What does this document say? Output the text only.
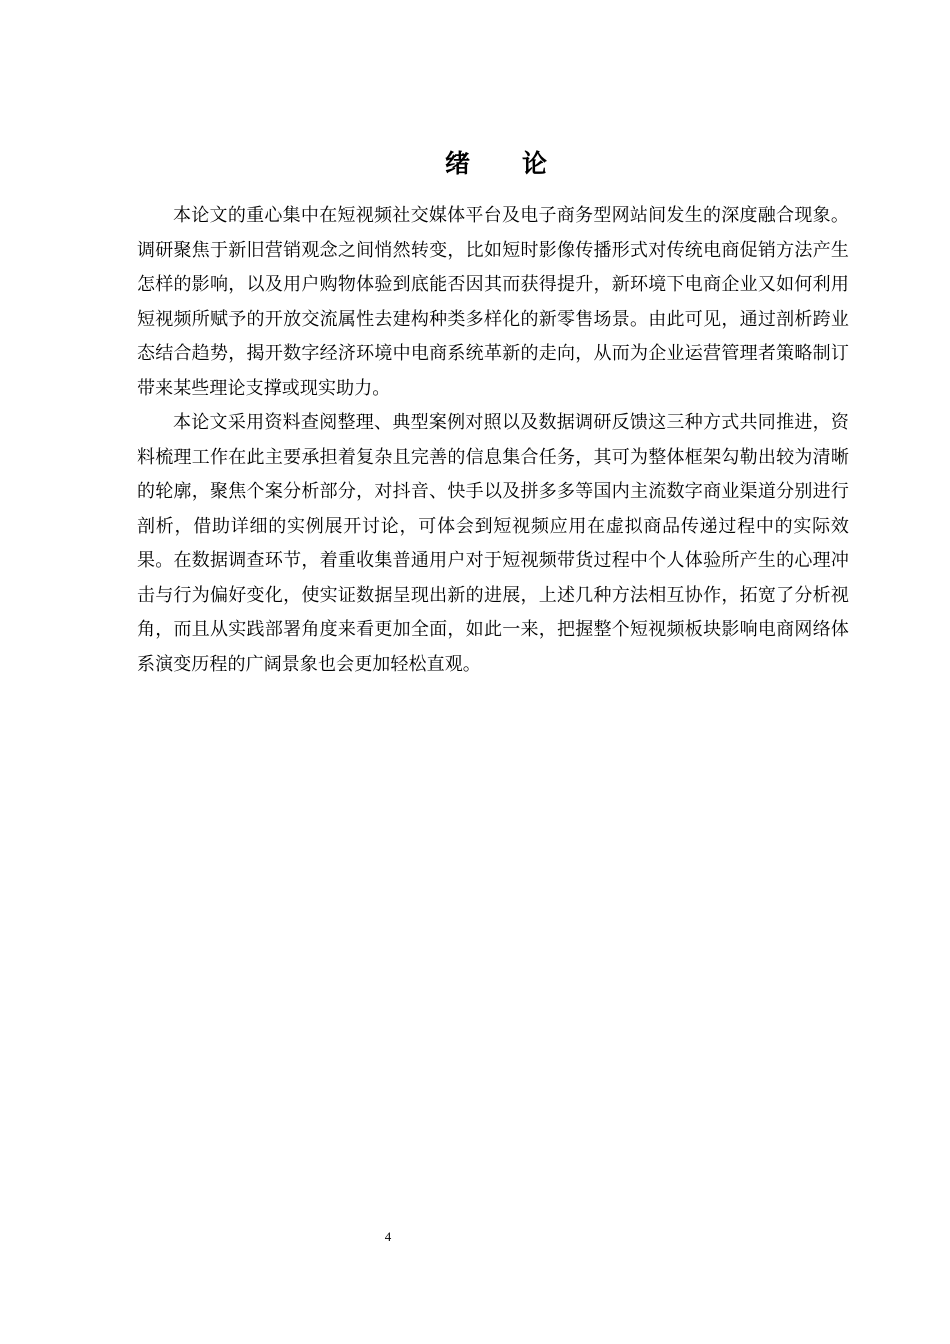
绪 论

本论文的重心集中在短视频社交媒体平台及电子商务型网站间发生的深度融合现象。调研聚焦于新旧营销观念之间悄然转变，比如短时影像传播形式对传统电商促销方法产生怎样的影响，以及用户购物体验到底能否因其而获得提升，新环境下电商企业又如何利用短视频所赋予的开放交流属性去建构种类多样化的新零售场景。由此可见，通过剖析跨业态结合趋势，揭开数字经济环境中电商系统革新的走向，从而为企业运营管理者策略制订带来某些理论支撑或现实助力。

本论文采用资料查阅整理、典型案例对照以及数据调研反馈这三种方式共同推进，资料梳理工作在此主要承担着复杂且完善的信息集合任务，其可为整体框架勾勒出较为清晰的轮廓，聚焦个案分析部分，对抖音、快手以及拼多多等国内主流数字商业渠道分别进行剖析，借助详细的实例展开讨论，可体会到短视频应用在虚拟商品传递过程中的实际效果。在数据调查环节，着重收集普通用户对于短视频带货过程中个人体验所产生的心理冲击与行为偏好变化，使实证数据呈现出新的进展，上述几种方法相互协作，拓宽了分析视角，而且从实践部署角度来看更加全面，如此一来，把握整个短视频板块影响电商网络体系演变历程的广阔景象也会更加轻松直观。

4
